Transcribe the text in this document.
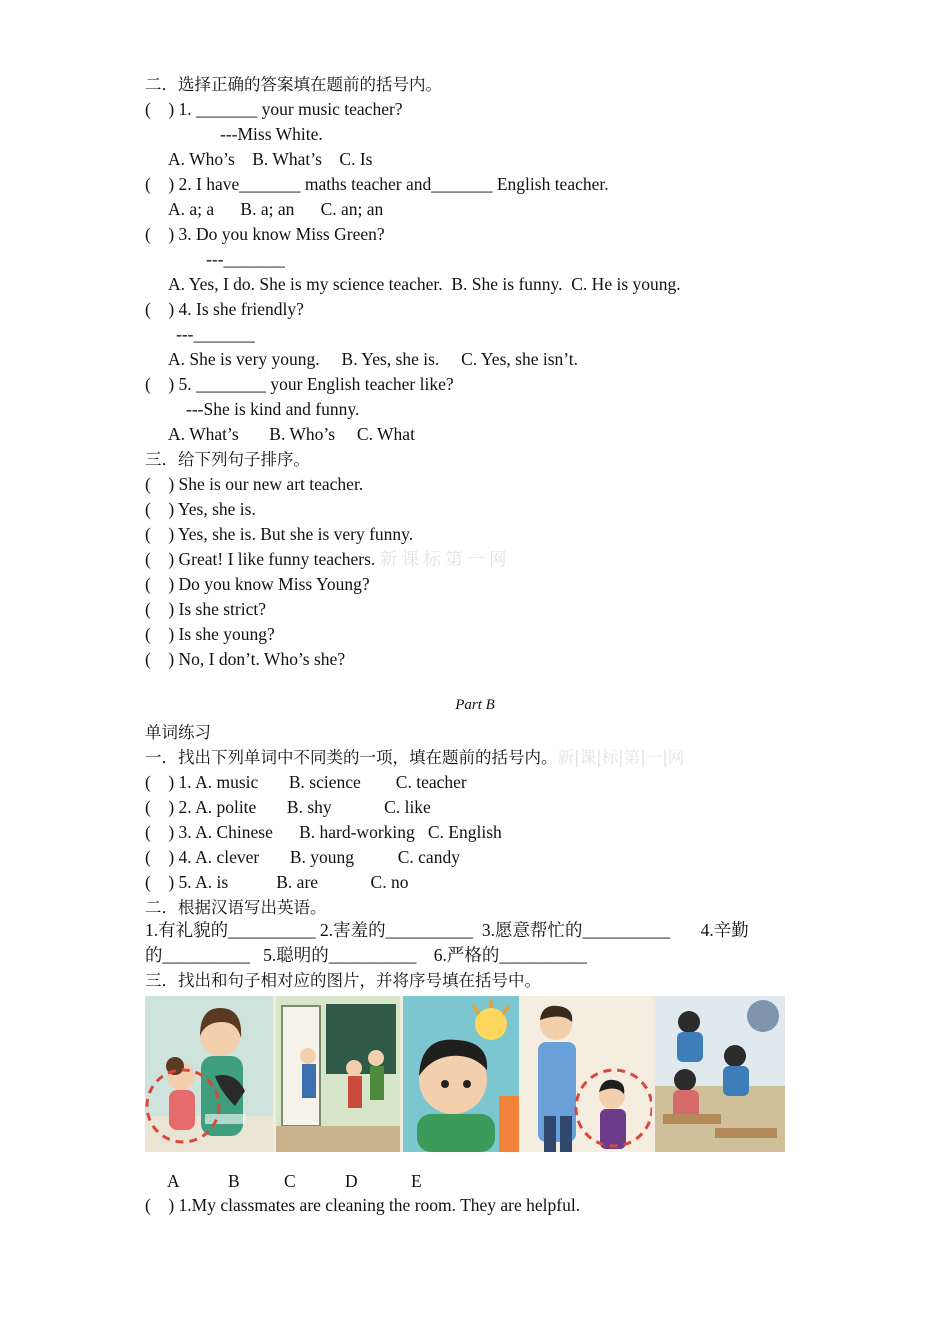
二．选择正确的答案填在题前的括号内。
(    ) 1. _______ your music teacher?
---Miss White.
A. Who’s    B. What’s    C. Is
(    ) 2. I have_______ maths teacher and_______ English teacher.
A. a; a      B. a; an      C. an; an
(    ) 3. Do you know Miss Green?
---_______
A. Yes, I do. She is my science teacher.  B. She is funny.  C. He is young.
(    ) 4. Is she friendly?
---_______
A. She is very young.     B. Yes, she is.     C. Yes, she isn’t.
(    ) 5. ________ your English teacher like?
---She is kind and funny.
A. What’s       B. Who’s     C. What
三．给下列句子排序。
(    ) She is our new art teacher.
(    ) Yes, she is.
(    ) Yes, she is. But she is very funny.
(    ) Great! I like funny teachers. 新 课 标 第 一 网
(    ) Do you know Miss Young?
(    ) Is she strict?
(    ) Is she young?
(    ) No, I don’t. Who’s she?
Part B
单词练习
一．找出下列单词中不同类的一项，填在题前的括号内。新|课|标|第|一|网
(    ) 1. A. music       B. science        C. teacher
(    ) 2. A. polite       B. shy            C. like
(    ) 3. A. Chinese      B. hard-working   C. English
(    ) 4. A. clever       B. young          C. candy
(    ) 5. A. is           B. are            C. no
二．根据汉语写出英语。
1.有礼貌的__________ 2.害羞的__________  3.愿意帮忙的__________       4.辛勤
的__________   5.聪明的__________    6.严格的__________
三．找出和句子相对应的图片，并将序号填在括号中。
A	B	C	D	E
(    ) 1.My classmates are cleaning the room. They are helpful.
